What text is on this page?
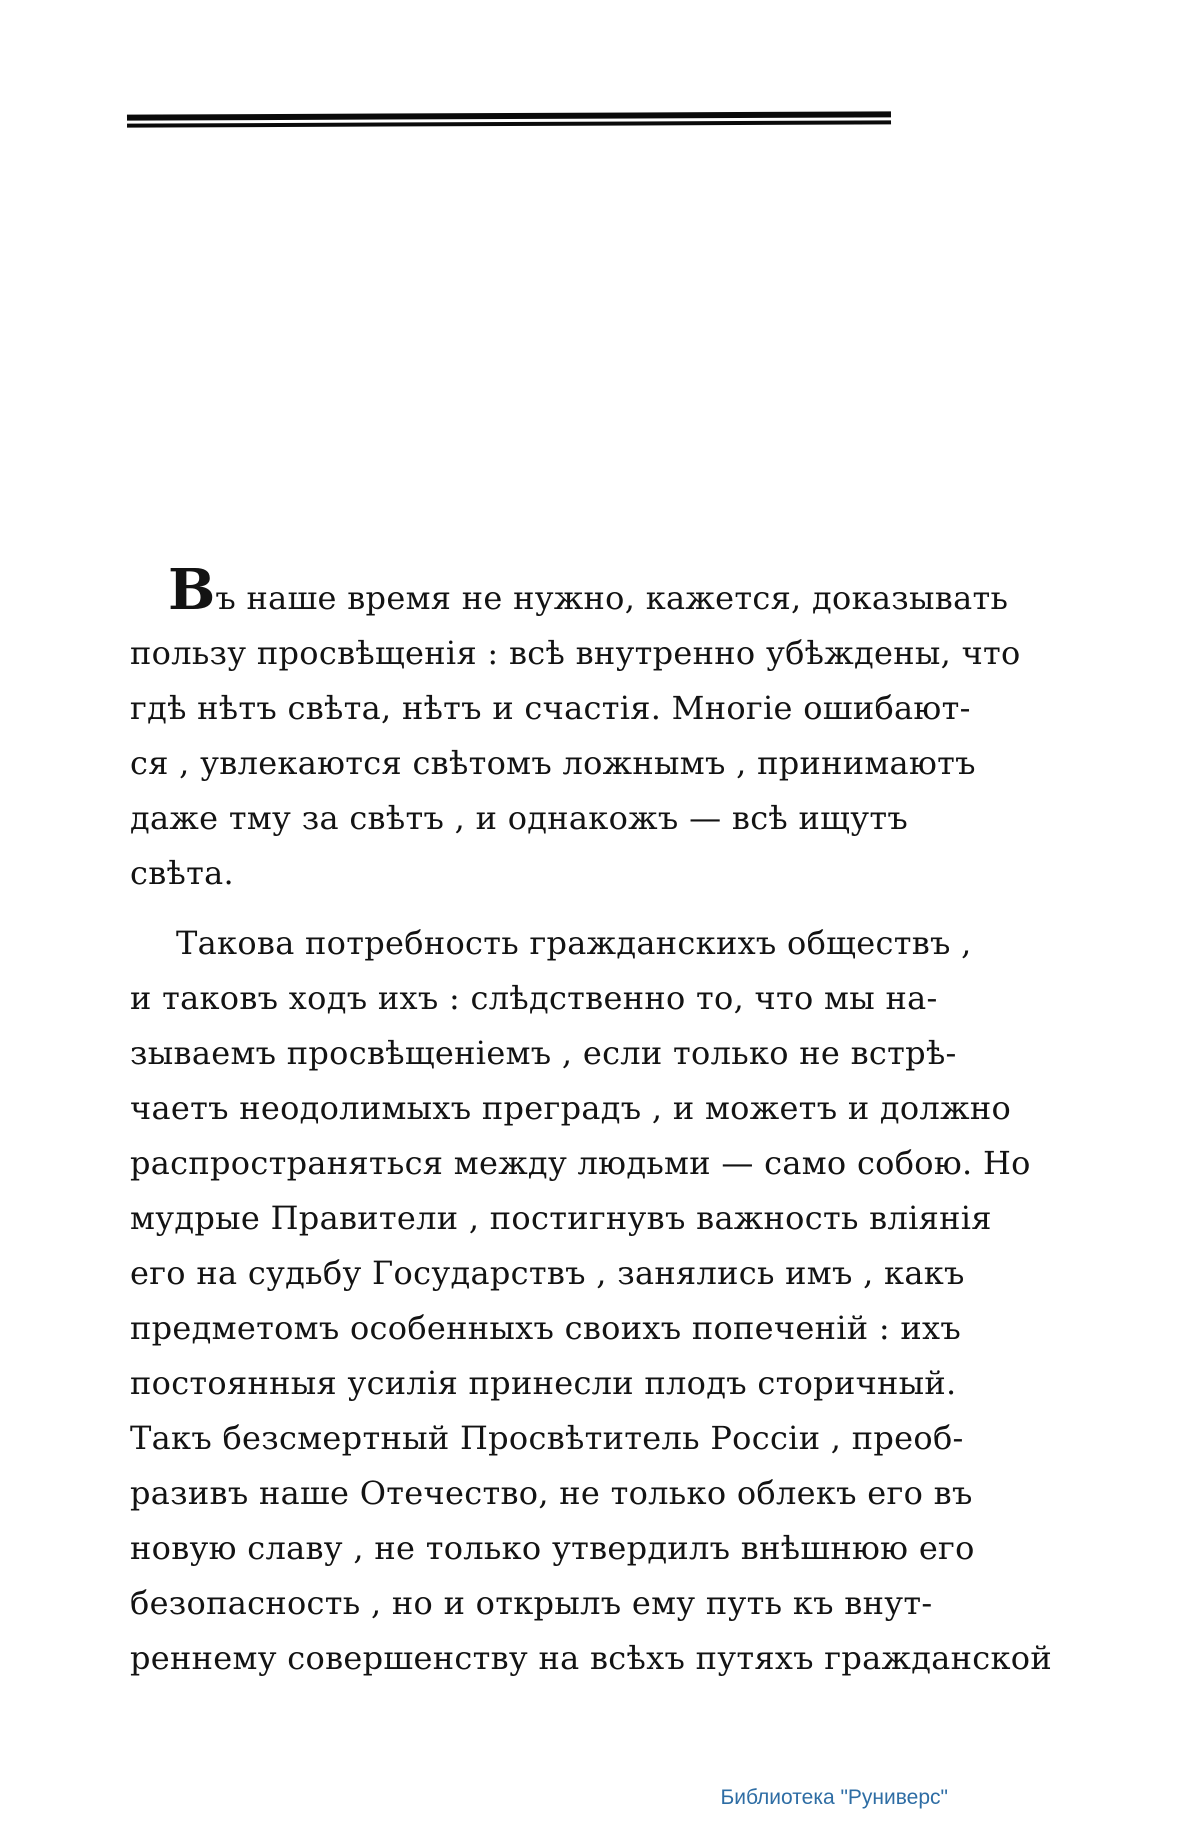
Въ наше время не нужно, кажется, доказывать
пользу просвѣщенія : всѣ внутренно убѣждены, что
гдѣ нѣтъ свѣта, нѣтъ и счастія. Многіе ошибают-
ся , увлекаются свѣтомъ ложнымъ , принимаютъ
даже тму за свѣтъ , и однакожъ — всѣ ищутъ
свѣта.
Такова потребность гражданскихъ обществъ ,
и таковъ ходъ ихъ : слѣдственно то, что мы на-
зываемъ просвѣщеніемъ , если только не встрѣ-
чаетъ неодолимыхъ преградъ , и можетъ и должно
распространяться между людьми — само собою. Но
мудрые Правители , постигнувъ важность вліянія
его на судьбу Государствъ , занялись имъ , какъ
предметомъ особенныхъ своихъ попеченій : ихъ
постоянныя усилія принесли плодъ сторичный.
Такъ безсмертный Просвѣтитель Россіи , преоб-
разивъ наше Отечество, не только облекъ его въ
новую славу , не только утвердилъ внѣшнюю его
безопасность , но и открылъ ему путь къ внут-
реннему совершенству на всѣхъ путяхъ гражданской
Библиотека "Руниверс"
